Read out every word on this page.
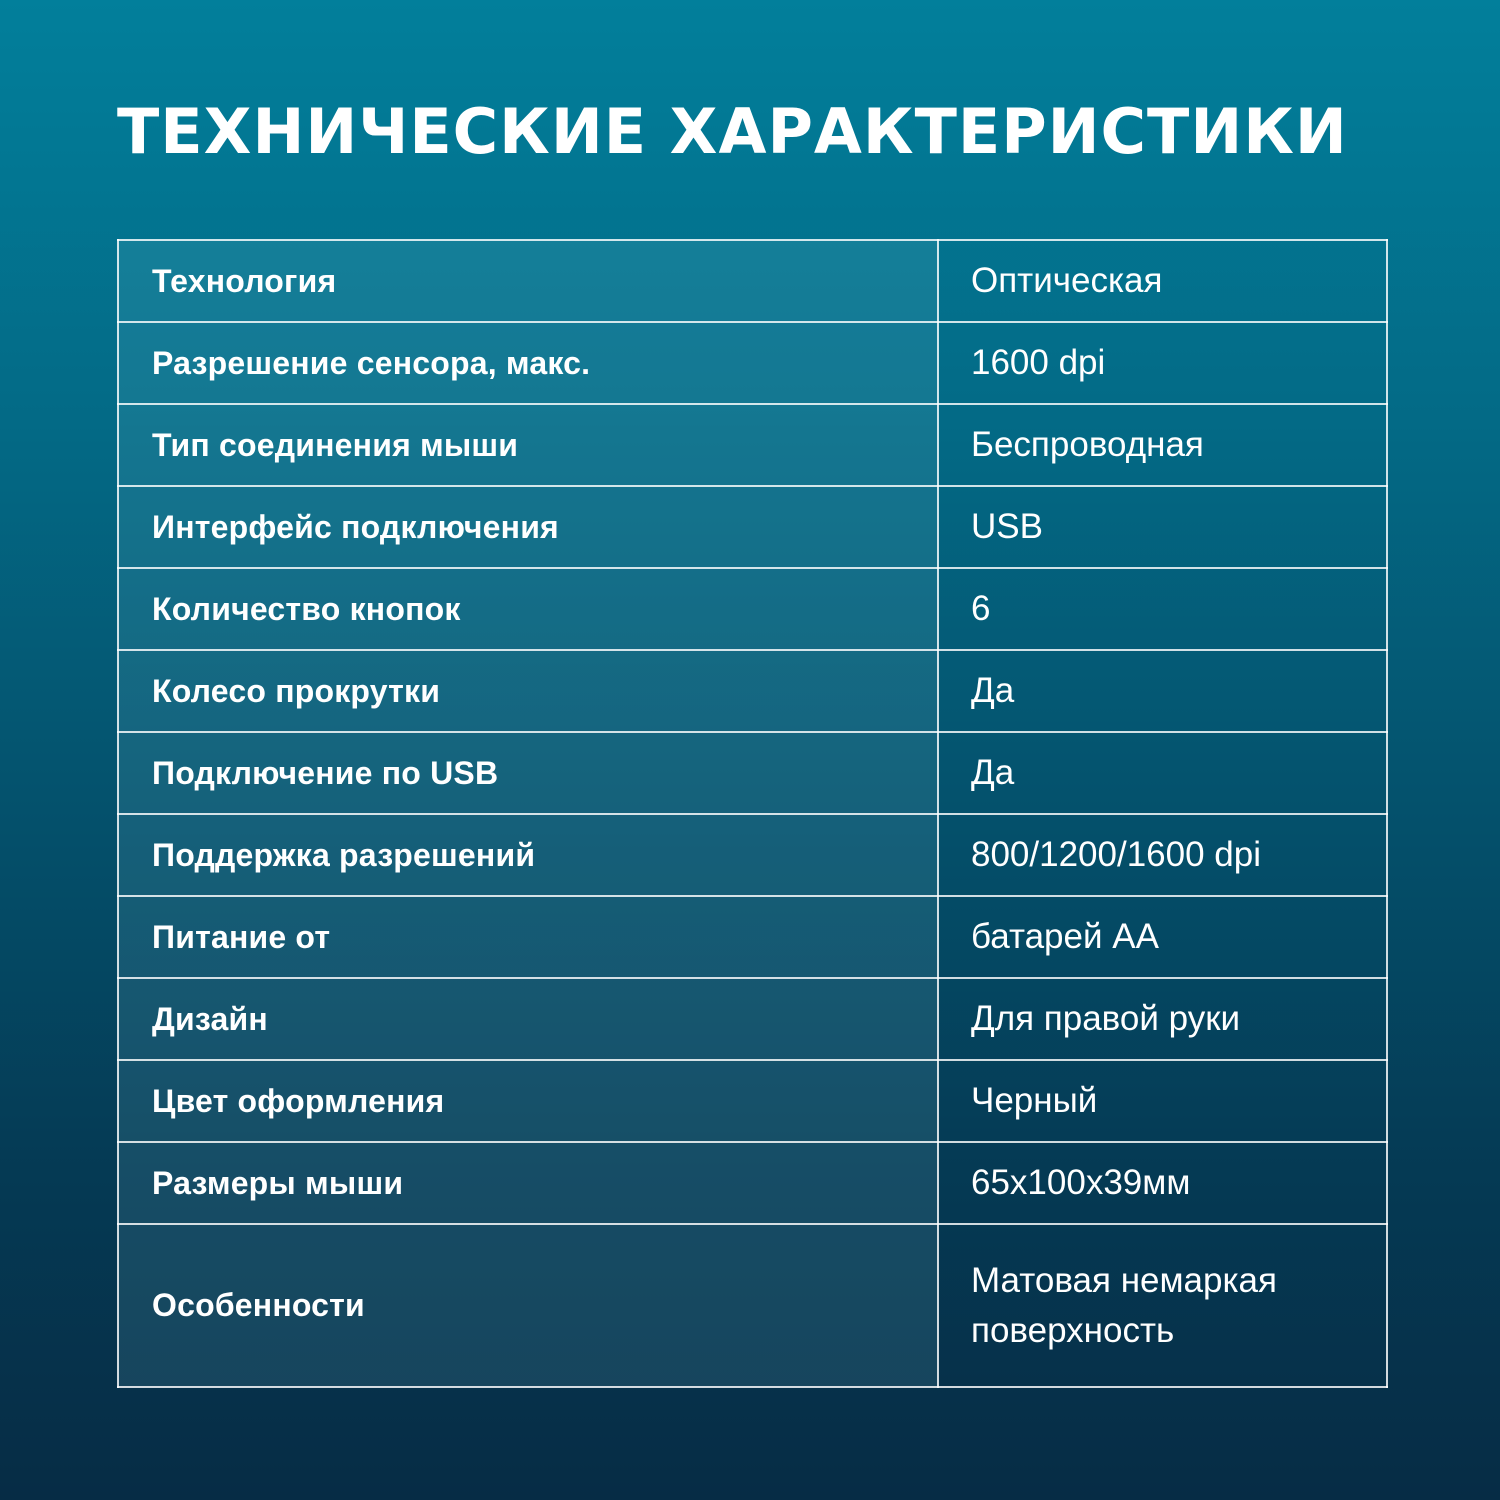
ТЕХНИЧЕСКИЕ ХАРАКТЕРИСТИКИ
Технология	Оптическая
Разрешение сенсора, макс.	1600 dpi
Тип соединения мыши	Беспроводная
Интерфейс подключения	USB
Количество кнопок	6
Колесо прокрутки	Да
Подключение по USB	Да
Поддержка разрешений	800/1200/1600 dpi
Питание от	батарей АА
Дизайн	Для правой руки
Цвет оформления	Черный
Размеры мыши	65х100х39мм
Особенности	Матовая немаркая поверхность
